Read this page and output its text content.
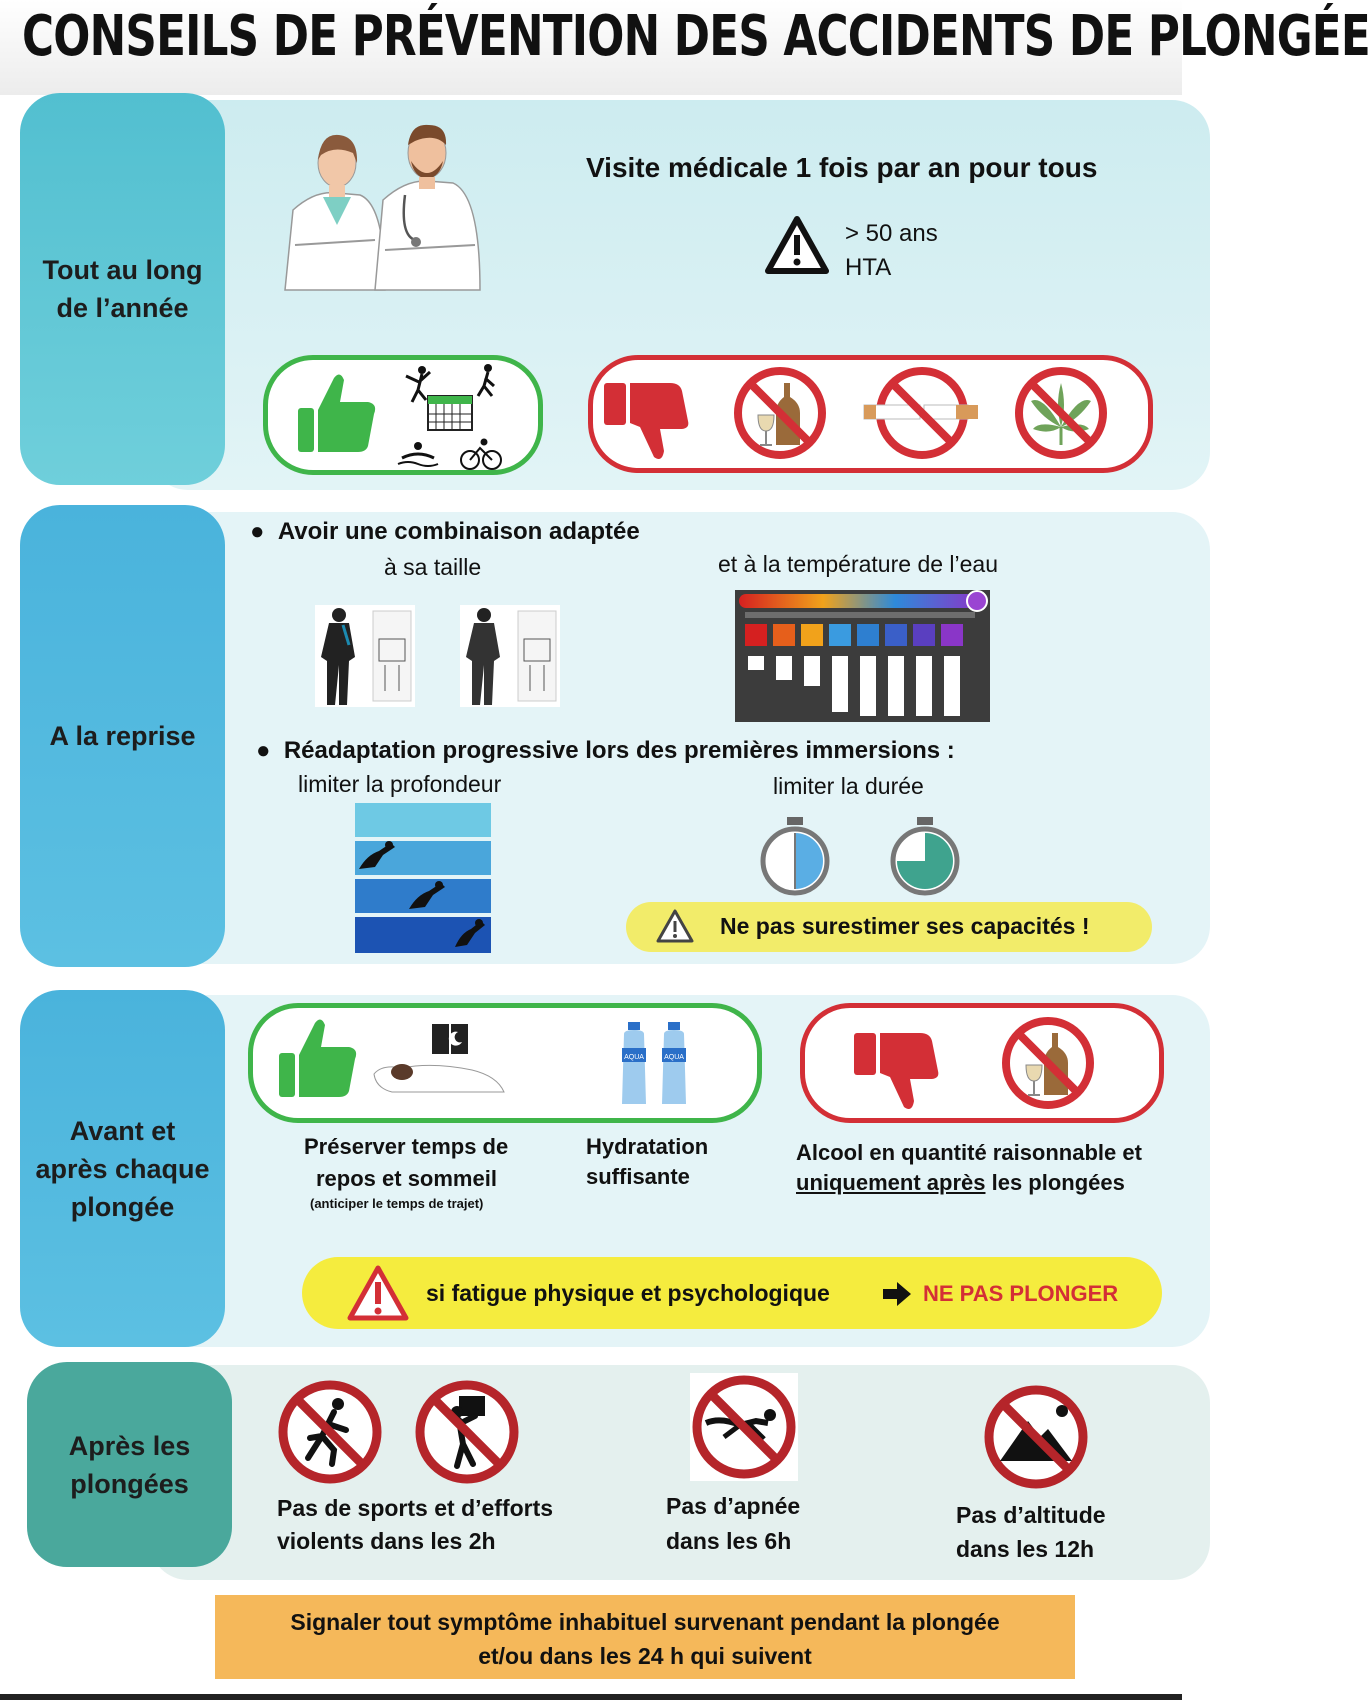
CONSEILS DE PRÉVENTION DES ACCIDENTS DE PLONGÉE
Tout au long
de l’année
Visite médicale 1 fois par an pour tous
> 50 ans
HTA
A la reprise
●  Avoir une combinaison adaptée
à sa taille	et à la température de l’eau
●  Réadaptation progressive lors des premières immersions :
limiter la profondeur	limiter la durée
Ne pas surestimer ses capacités !
Avant et
après chaque
plongée
AQUA	AQUA
Préserver temps de
repos et sommeil
(anticiper le temps de trajet)
Hydratation
suffisante
Alcool en quantité raisonnable et
uniquement après les plongées
si fatigue physique et psychologique	NE PAS PLONGER
Après les
plongées
Pas de sports et d’efforts
violents dans les 2h
Pas d’apnée
dans les 6h
Pas d’altitude
dans les 12h
Signaler tout symptôme inhabituel survenant pendant la plongée
et/ou dans les 24 h qui suivent
